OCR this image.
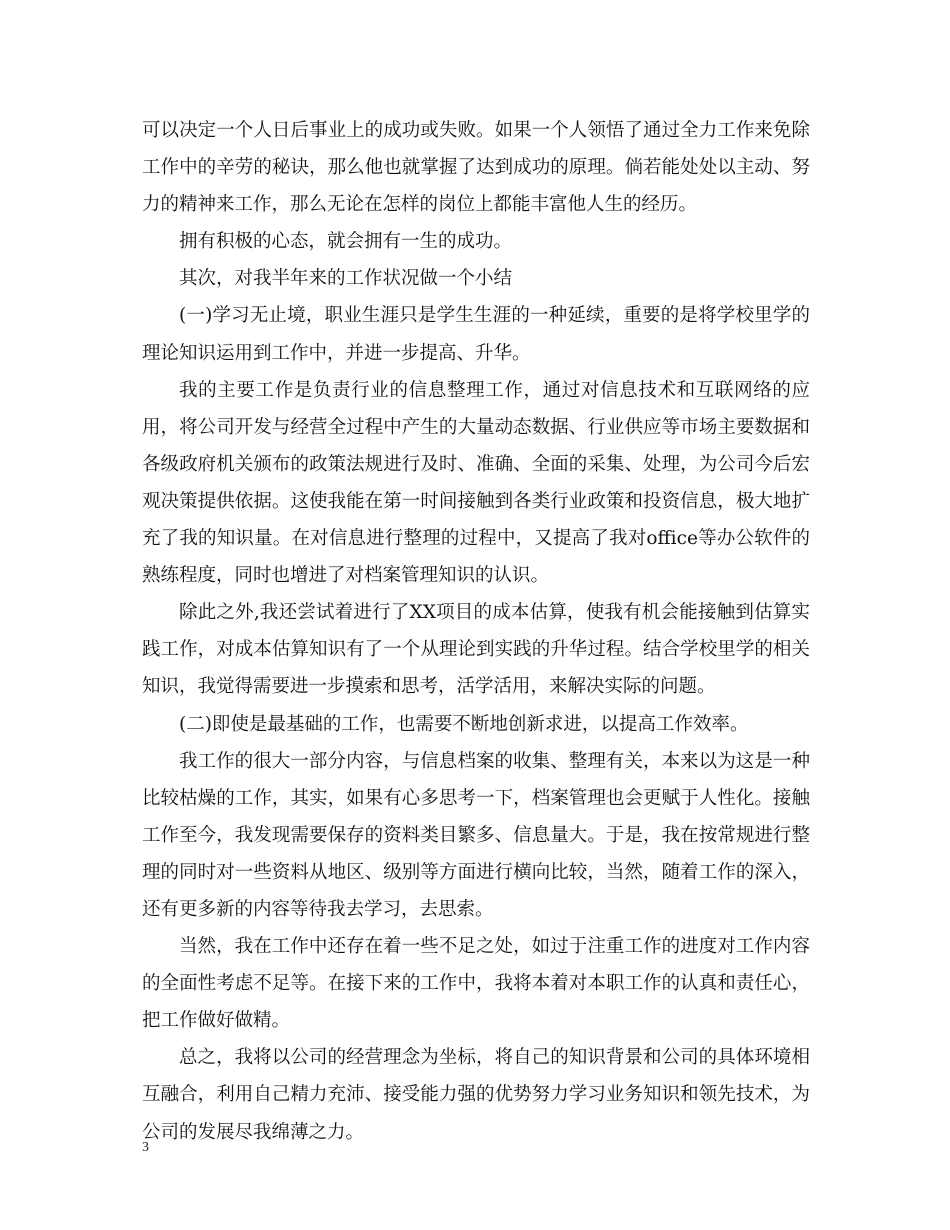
可以决定一个人日后事业上的成功或失败。如果一个人领悟了通过全力工作来免除工作中的辛劳的秘诀，那么他也就掌握了达到成功的原理。倘若能处处以主动、努力的精神来工作，那么无论在怎样的岗位上都能丰富他人生的经历。

拥有积极的心态，就会拥有一生的成功。

其次，对我半年来的工作状况做一个小结

(一)学习无止境，职业生涯只是学生生涯的一种延续，重要的是将学校里学的理论知识运用到工作中，并进一步提高、升华。

我的主要工作是负责行业的信息整理工作，通过对信息技术和互联网络的应用，将公司开发与经营全过程中产生的大量动态数据、行业供应等市场主要数据和各级政府机关颁布的政策法规进行及时、准确、全面的采集、处理，为公司今后宏观决策提供依据。这使我能在第一时间接触到各类行业政策和投资信息，极大地扩充了我的知识量。在对信息进行整理的过程中，又提高了我对office等办公软件的熟练程度，同时也增进了对档案管理知识的认识。

除此之外,我还尝试着进行了XX项目的成本估算，使我有机会能接触到估算实践工作，对成本估算知识有了一个从理论到实践的升华过程。结合学校里学的相关知识，我觉得需要进一步摸索和思考，活学活用，来解决实际的问题。

(二)即使是最基础的工作，也需要不断地创新求进，以提高工作效率。

我工作的很大一部分内容，与信息档案的收集、整理有关，本来以为这是一种比较枯燥的工作，其实，如果有心多思考一下，档案管理也会更赋于人性化。接触工作至今，我发现需要保存的资料类目繁多、信息量大。于是，我在按常规进行整理的同时对一些资料从地区、级别等方面进行横向比较，当然，随着工作的深入，还有更多新的内容等待我去学习，去思索。

当然，我在工作中还存在着一些不足之处，如过于注重工作的进度对工作内容的全面性考虑不足等。在接下来的工作中，我将本着对本职工作的认真和责任心，把工作做好做精。

总之，我将以公司的经营理念为坐标，将自己的知识背景和公司的具体环境相互融合，利用自己精力充沛、接受能力强的优势努力学习业务知识和领先技术，为公司的发展尽我绵薄之力。

3
